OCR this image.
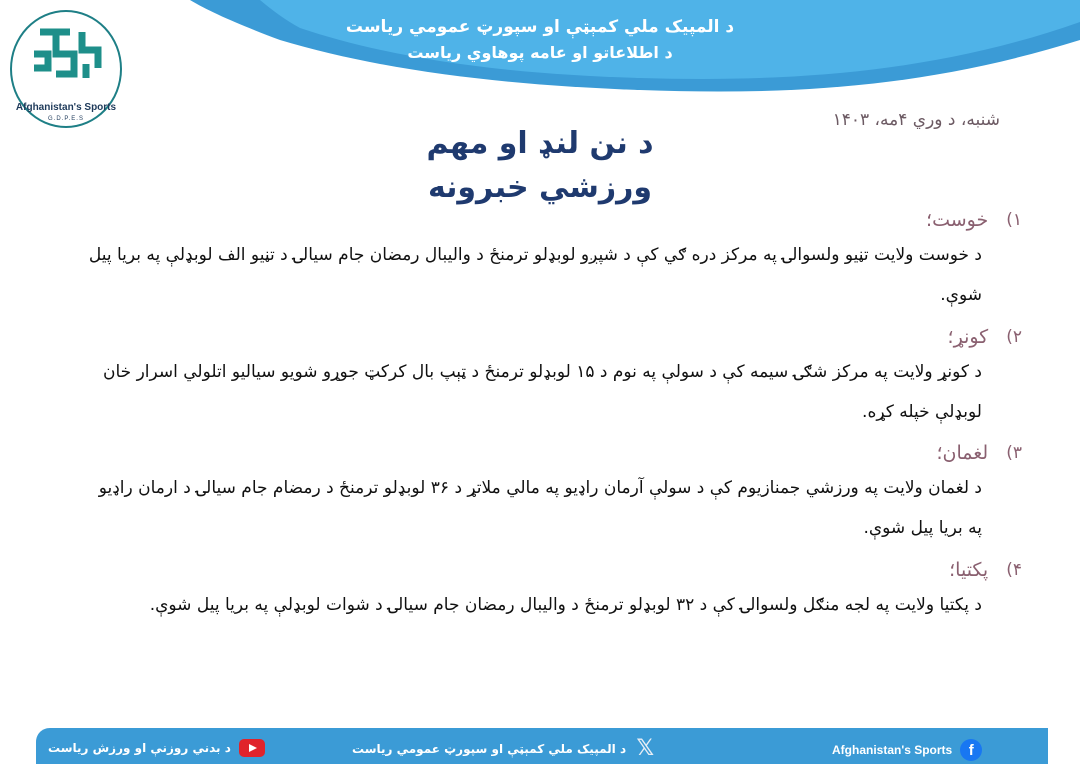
د المپیک ملي کمېټې او سپورټ عمومي ریاست
د اطلاعاتو او عامه پوهاوي ریاست
Afghanistan's Sports
G.D.P.E.S	شنبه، د وري ۴مه، ۱۴۰۳
د نن لنډ او مهم
ورزشي خبرونه
۱)
خوست؛
د خوست ولایت تڼیو ولسوالۍ په مرکز دره ګي کې د شپږو لوبډلو ترمنځ د والیبال رمضان جام سیالۍ د تڼیو الف لوبډلې په بریا پیل شوې.
۲)
کونړ؛
د کونړ ولایت په مرکز شګۍ سیمه کې د سولې په نوم د ۱۵ لوبډلو ترمنځ د ټېپ بال کرکټ جوړو شویو سیالیو اتلولي اسرار خان لوبډلې خپله کړه.
۳)
لغمان؛
د لغمان ولایت په ورزشي جمنازیوم کې د سولې آرمان راډیو په مالي ملاتړ د ۳۶ لوبډلو ترمنځ د رمضام جام سیالۍ د ارمان راډیو په بریا پیل شوې.
۴)
پکتیا؛
د پکتیا ولایت په لجه منګل ولسوالۍ کې د ۳۲ لوبډلو ترمنځ د والیبال رمضان جام سیالۍ د شوات لوبډلې په بریا پیل شوې.
د بدني روزنې او ورزش ریاست	𝕏
د المپیک ملي کمېټې او سپورټ عمومي ریاست	Afghanistan's Sports	f
